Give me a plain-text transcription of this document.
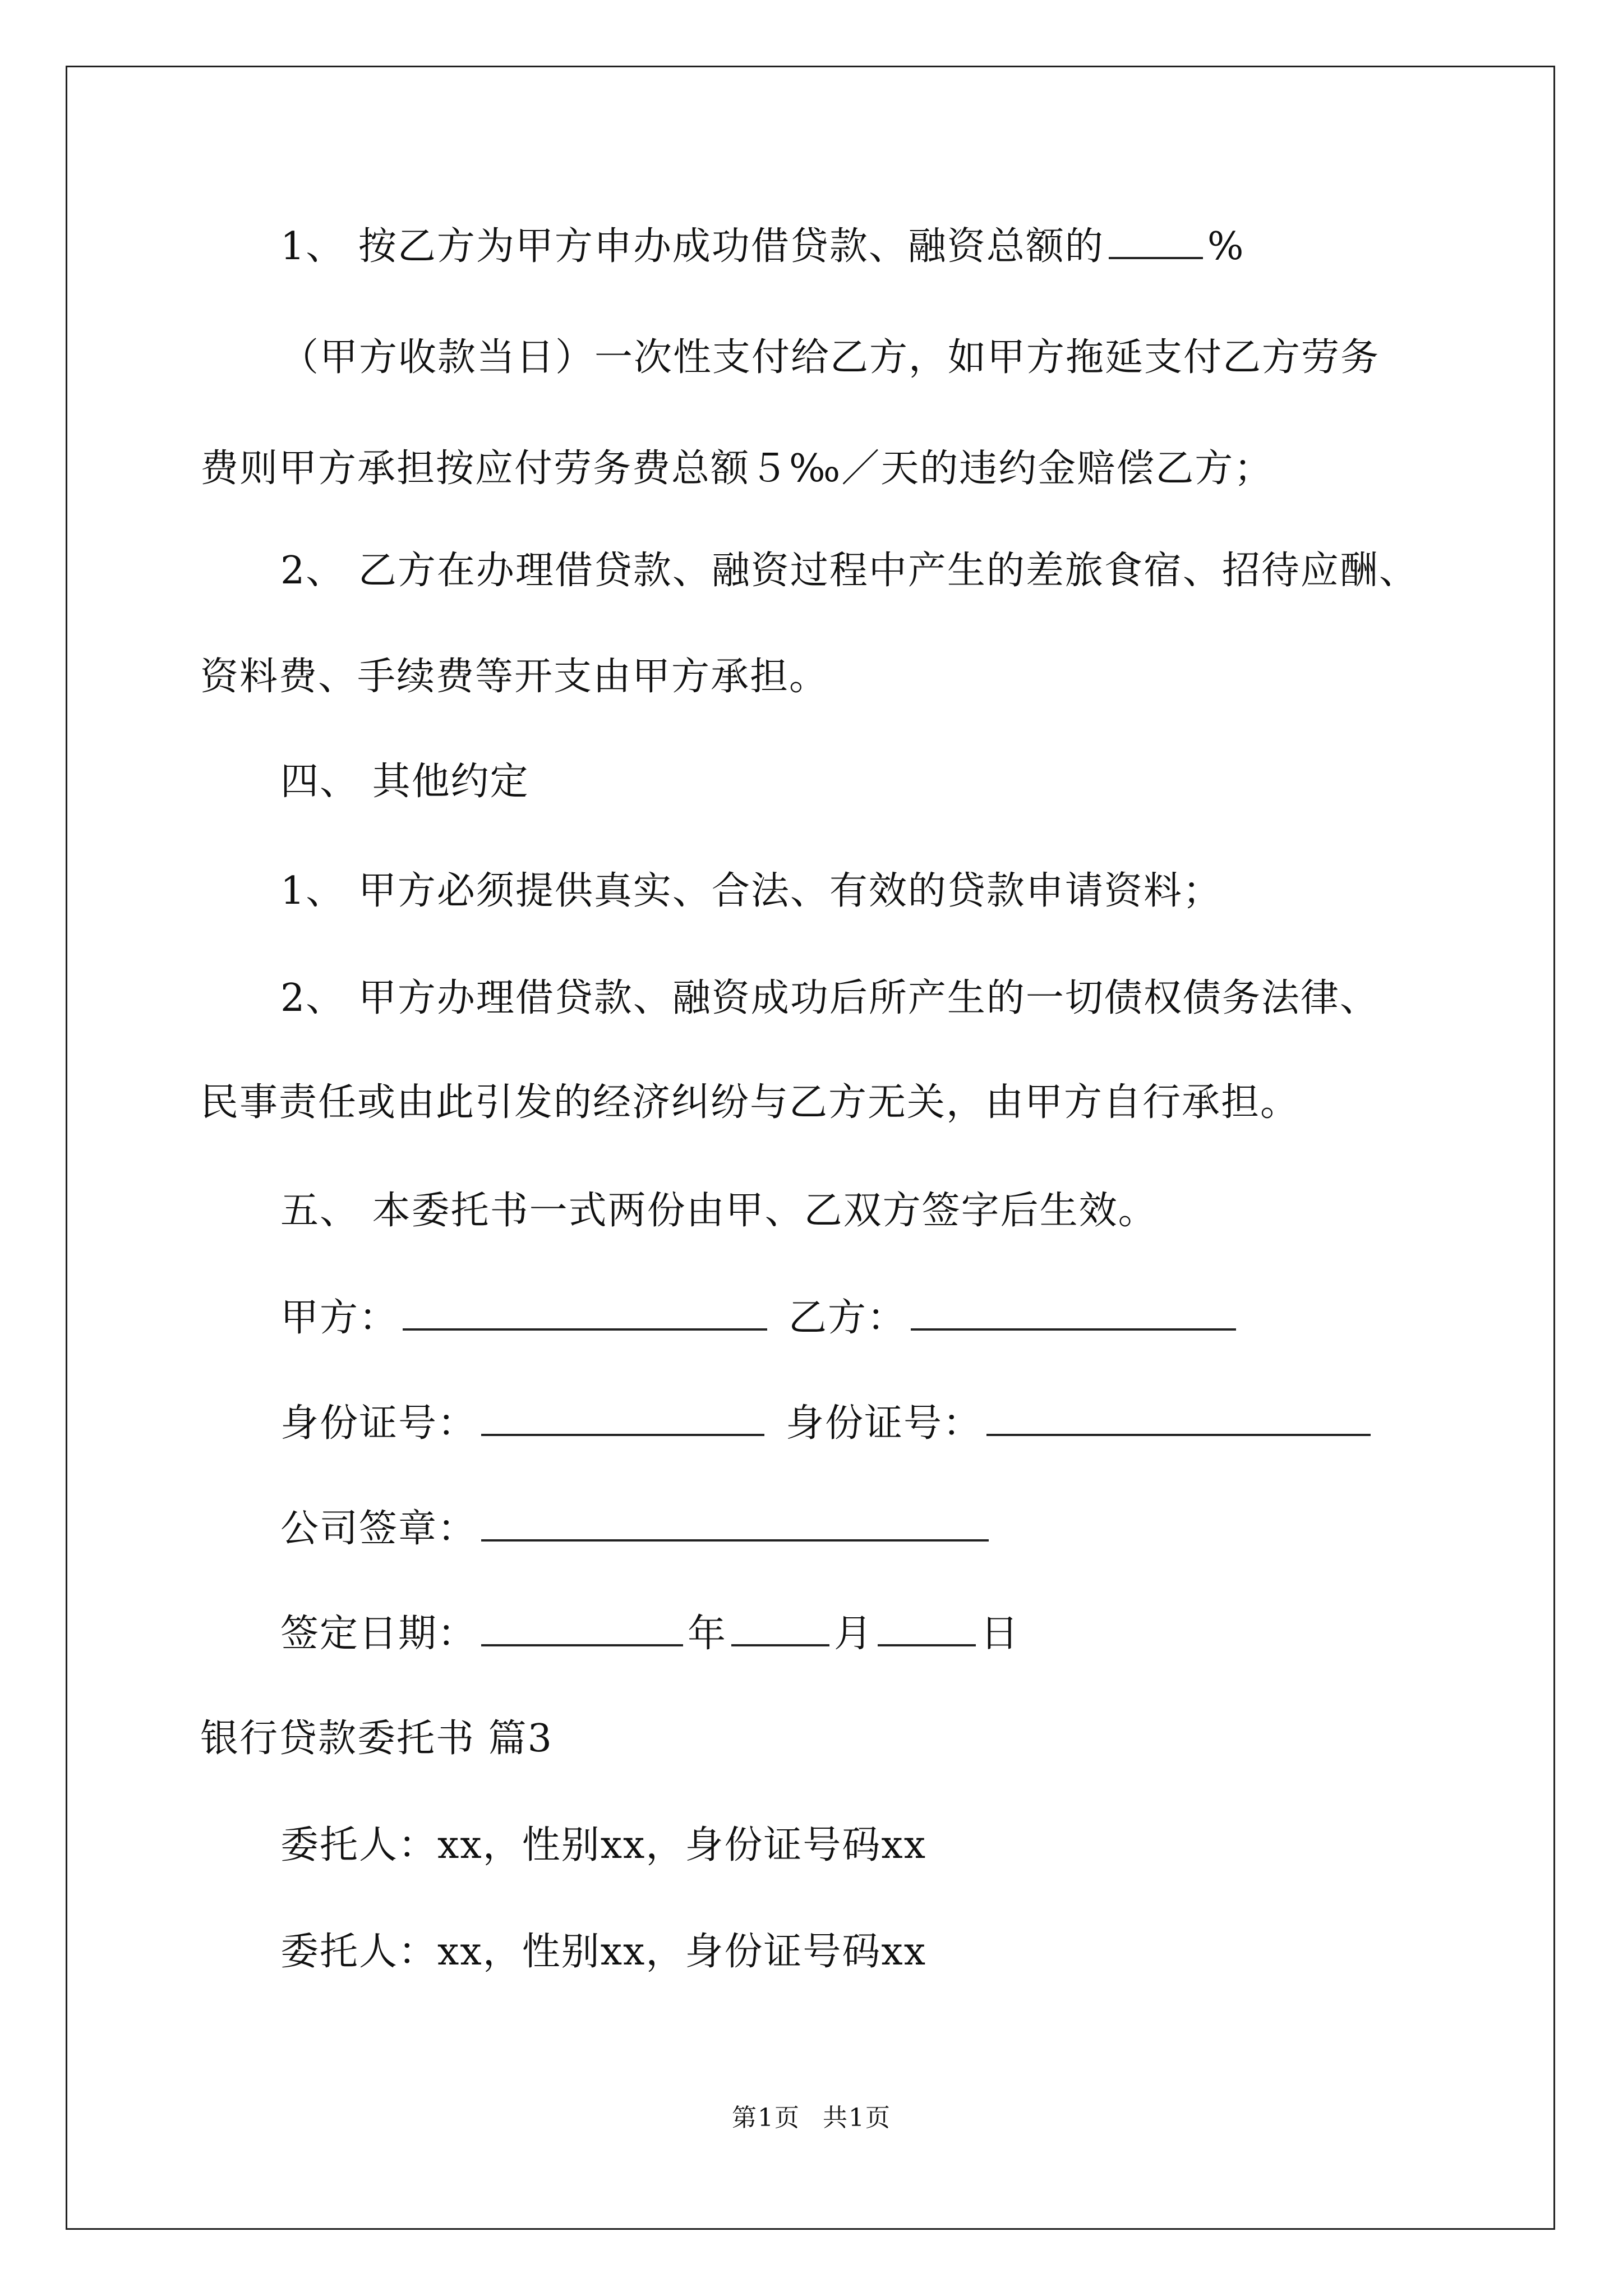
1、 按乙方为甲方申办成功借贷款、融资总额的	%
（甲方收款当日）一次性支付给乙方，如甲方拖延支付乙方劳务
费则甲方承担按应付劳务费总额５‰／天的违约金赔偿乙方；
2、 乙方在办理借贷款、融资过程中产生的差旅食宿、招待应酬、
资料费、手续费等开支由甲方承担。
四、 其他约定
1、 甲方必须提供真实、合法、有效的贷款申请资料；
2、 甲方办理借贷款、融资成功后所产生的一切债权债务法律、
民事责任或由此引发的经济纠纷与乙方无关，由甲方自行承担。
五、 本委托书一式两份由甲、乙双方签字后生效。
甲方：	乙方：
身份证号：	身份证号：
公司签章：
签定日期：	年	月	日
银行贷款委托书 篇3
委托人：xx，性别xx，身份证号码xx
委托人：xx，性别xx，身份证号码xx
第1页 共1页
